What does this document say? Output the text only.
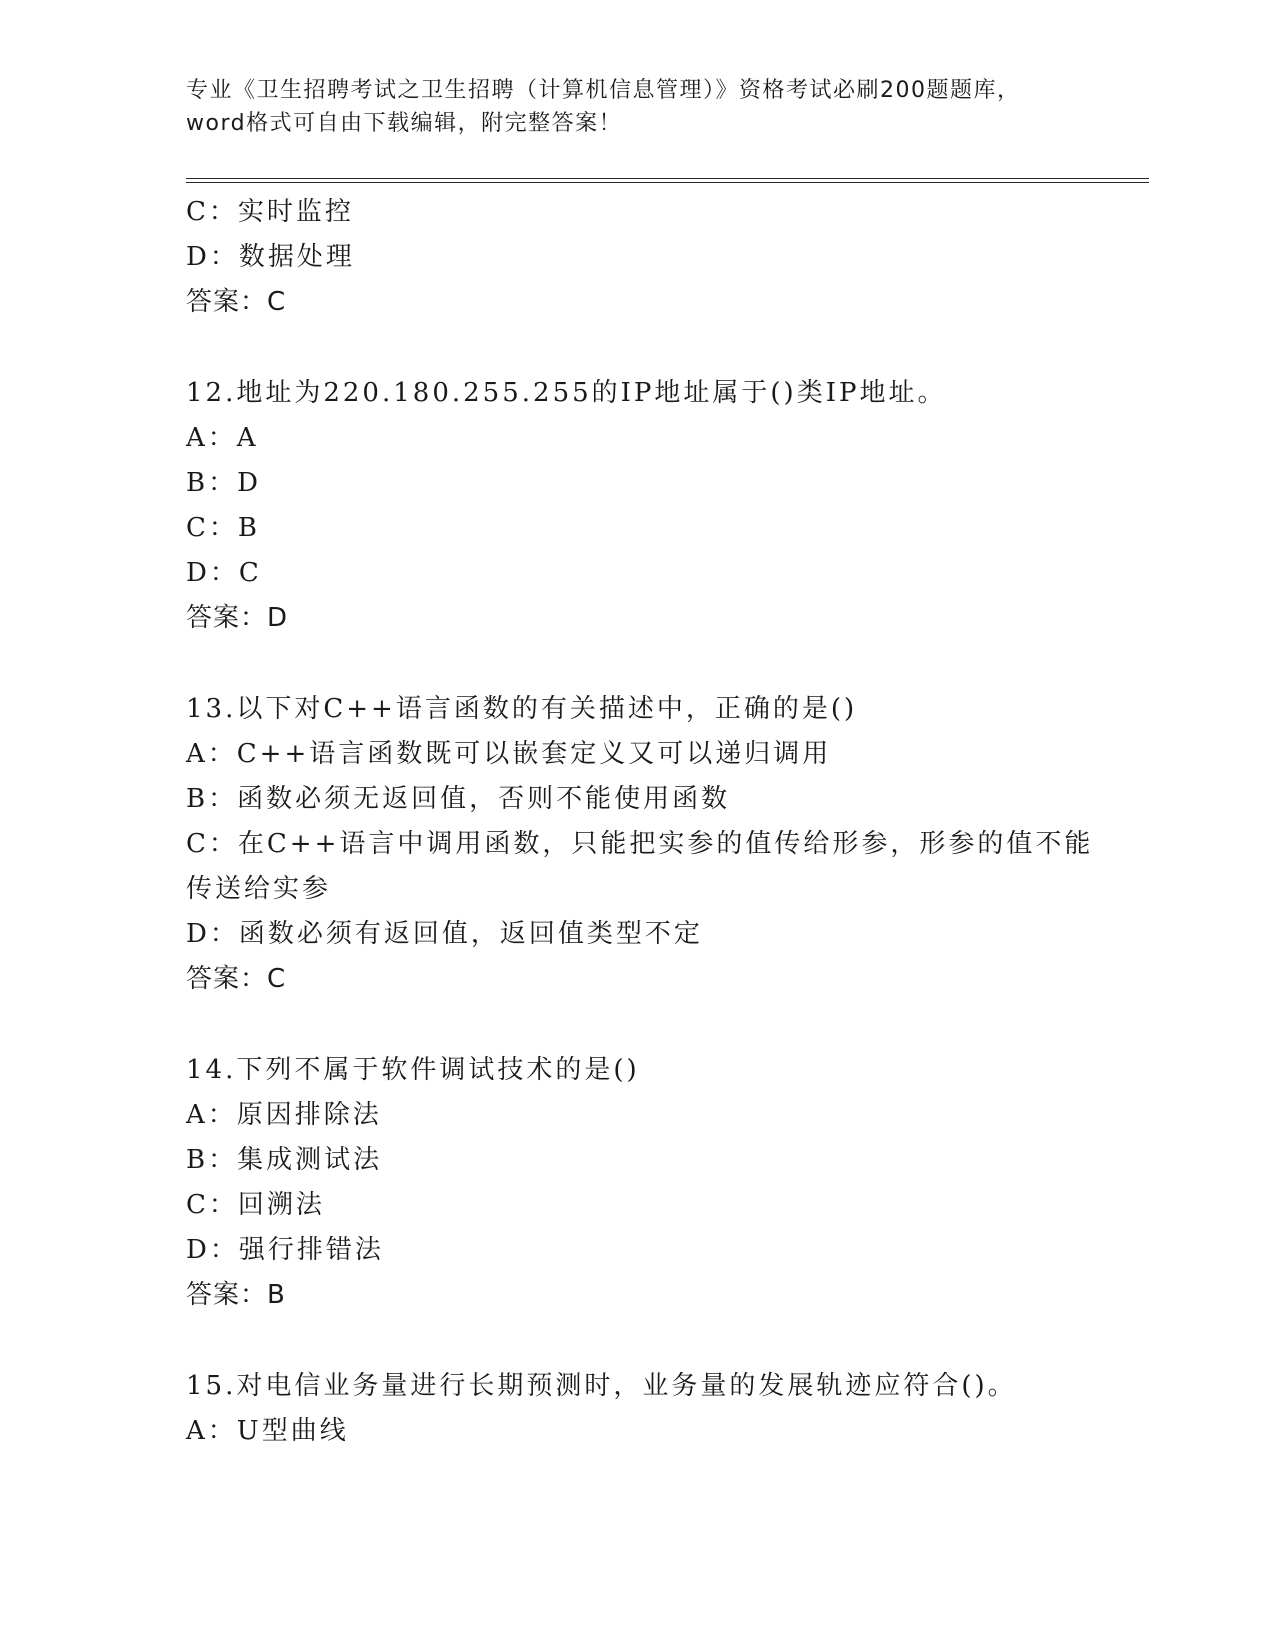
专业《卫生招聘考试之卫生招聘（计算机信息管理）》资格考试必刷200题题库，
word格式可自由下载编辑，附完整答案！
C：实时监控
D：数据处理
答案：C
12.地址为220.180.255.255的IP地址属于()类IP地址。
A：A
B：D
C：B
D：C
答案：D
13.以下对C++语言函数的有关描述中，正确的是()
A：C++语言函数既可以嵌套定义又可以递归调用
B：函数必须无返回值，否则不能使用函数
C：在C++语言中调用函数，只能把实参的值传给形参，形参的值不能
传送给实参
D：函数必须有返回值，返回值类型不定
答案：C
14.下列不属于软件调试技术的是()
A：原因排除法
B：集成测试法
C：回溯法
D：强行排错法
答案：B
15.对电信业务量进行长期预测时，业务量的发展轨迹应符合()。
A：U型曲线
